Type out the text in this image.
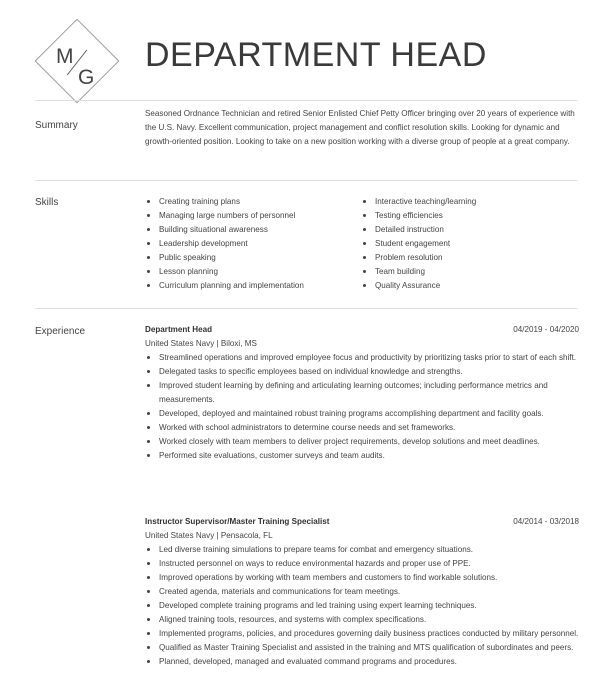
M
G
DEPARTMENT HEAD
Summary
Seasoned Ordnance Technician and retired Senior Enlisted Chief Petty Officer bringing over 20 years of experience with the U.S. Navy. Excellent communication, project management and conflict resolution skills. Looking for dynamic and growth-oriented position. Looking to take on a new position working with a diverse group of people at a great company.
Skills	Creating training plans
Managing large numbers of personnel
Building situational awareness
Leadership development
Public speaking
Lesson planning
Curriculum planning and implementation
Interactive teaching/learning
Testing efficiencies
Detailed instruction
Student engagement
Problem resolution
Team building
Quality Assurance
Experience	Department Head	04/2019 - 04/2020
United States Navy | Biloxi, MS
Streamlined operations and improved employee focus and productivity by prioritizing tasks prior to start of each shift.
Delegated tasks to specific employees based on individual knowledge and strengths.
Improved student learning by defining and articulating learning outcomes; including performance metrics and measurements.
Developed, deployed and maintained robust training programs accomplishing department and facility goals.
Worked with school administrators to determine course needs and set frameworks.
Worked closely with team members to deliver project requirements, develop solutions and meet deadlines.
Performed site evaluations, customer surveys and team audits.
Instructor Supervisor/Master Training Specialist	04/2014 - 03/2018
United States Navy | Pensacola, FL
Led diverse training simulations to prepare teams for combat and emergency situations.
Instructed personnel on ways to reduce environmental hazards and proper use of PPE.
Improved operations by working with team members and customers to find workable solutions.
Created agenda, materials and communications for team meetings.
Developed complete training programs and led training using expert learning techniques.
Aligned training tools, resources, and systems with complex specifications.
Implemented programs, policies, and procedures governing daily business practices conducted by military personnel.
Qualified as Master Training Specialist and assisted in the training and MTS qualification of subordinates and peers.
Planned, developed, managed and evaluated command programs and procedures.
